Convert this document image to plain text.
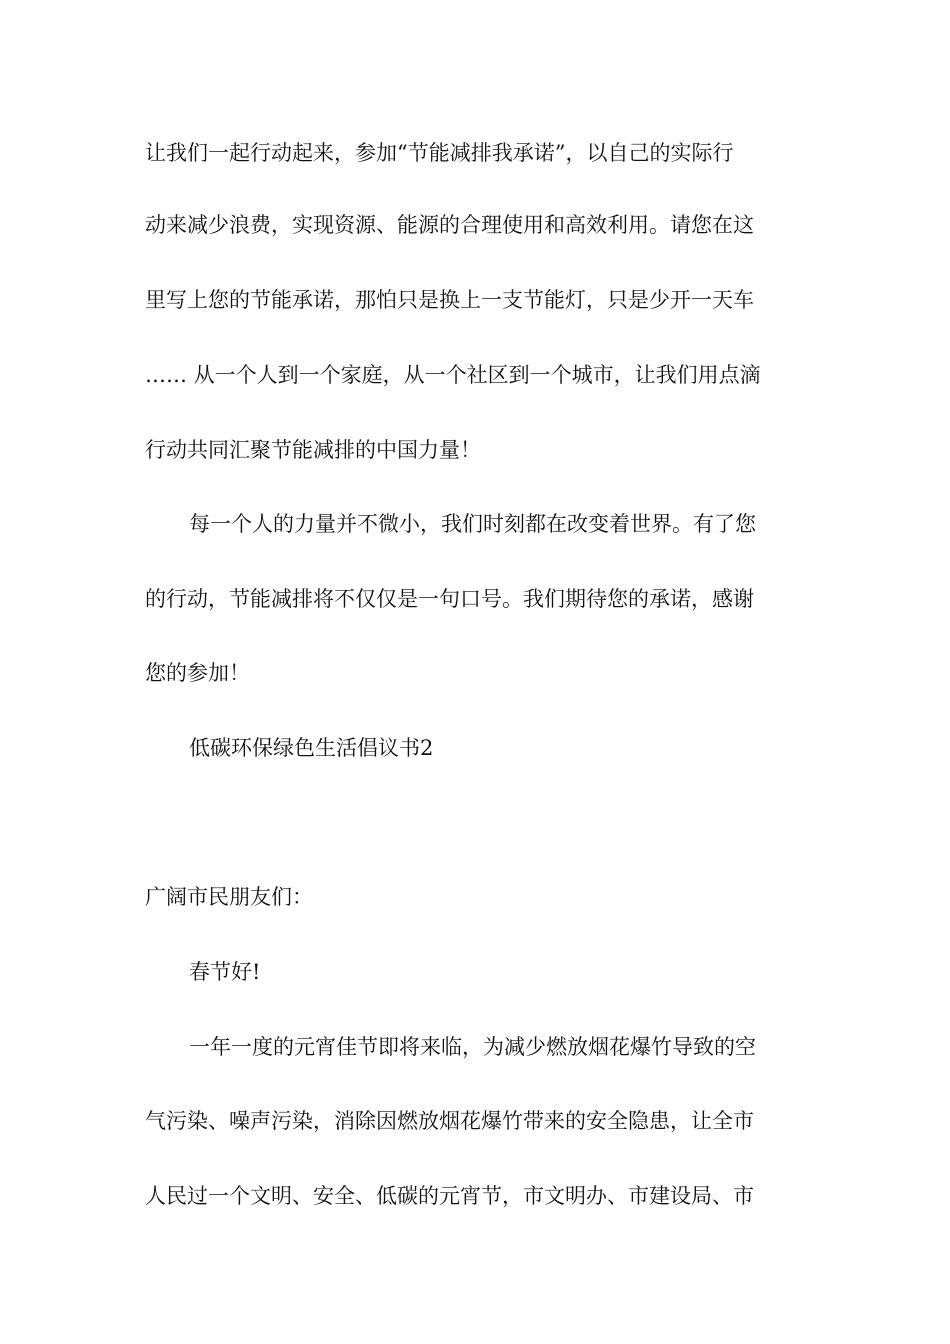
让我们一起行动起来，参加“节能减排我承诺”，以自己的实际行
动来减少浪费，实现资源、能源的合理使用和高效利用。请您在这
里写上您的节能承诺，那怕只是换上一支节能灯，只是少开一天车
…… 从一个人到一个家庭，从一个社区到一个城市，让我们用点滴
行动共同汇聚节能减排的中国力量！
每一个人的力量并不微小，我们时刻都在改变着世界。有了您
的行动，节能减排将不仅仅是一句口号。我们期待您的承诺，感谢
您的参加！
低碳环保绿色生活倡议书2
广阔市民朋友们：
春节好!
一年一度的元宵佳节即将来临，为减少燃放烟花爆竹导致的空
气污染、噪声污染，消除因燃放烟花爆竹带来的安全隐患，让全市
人民过一个文明、安全、低碳的元宵节，市文明办、市建设局、市
